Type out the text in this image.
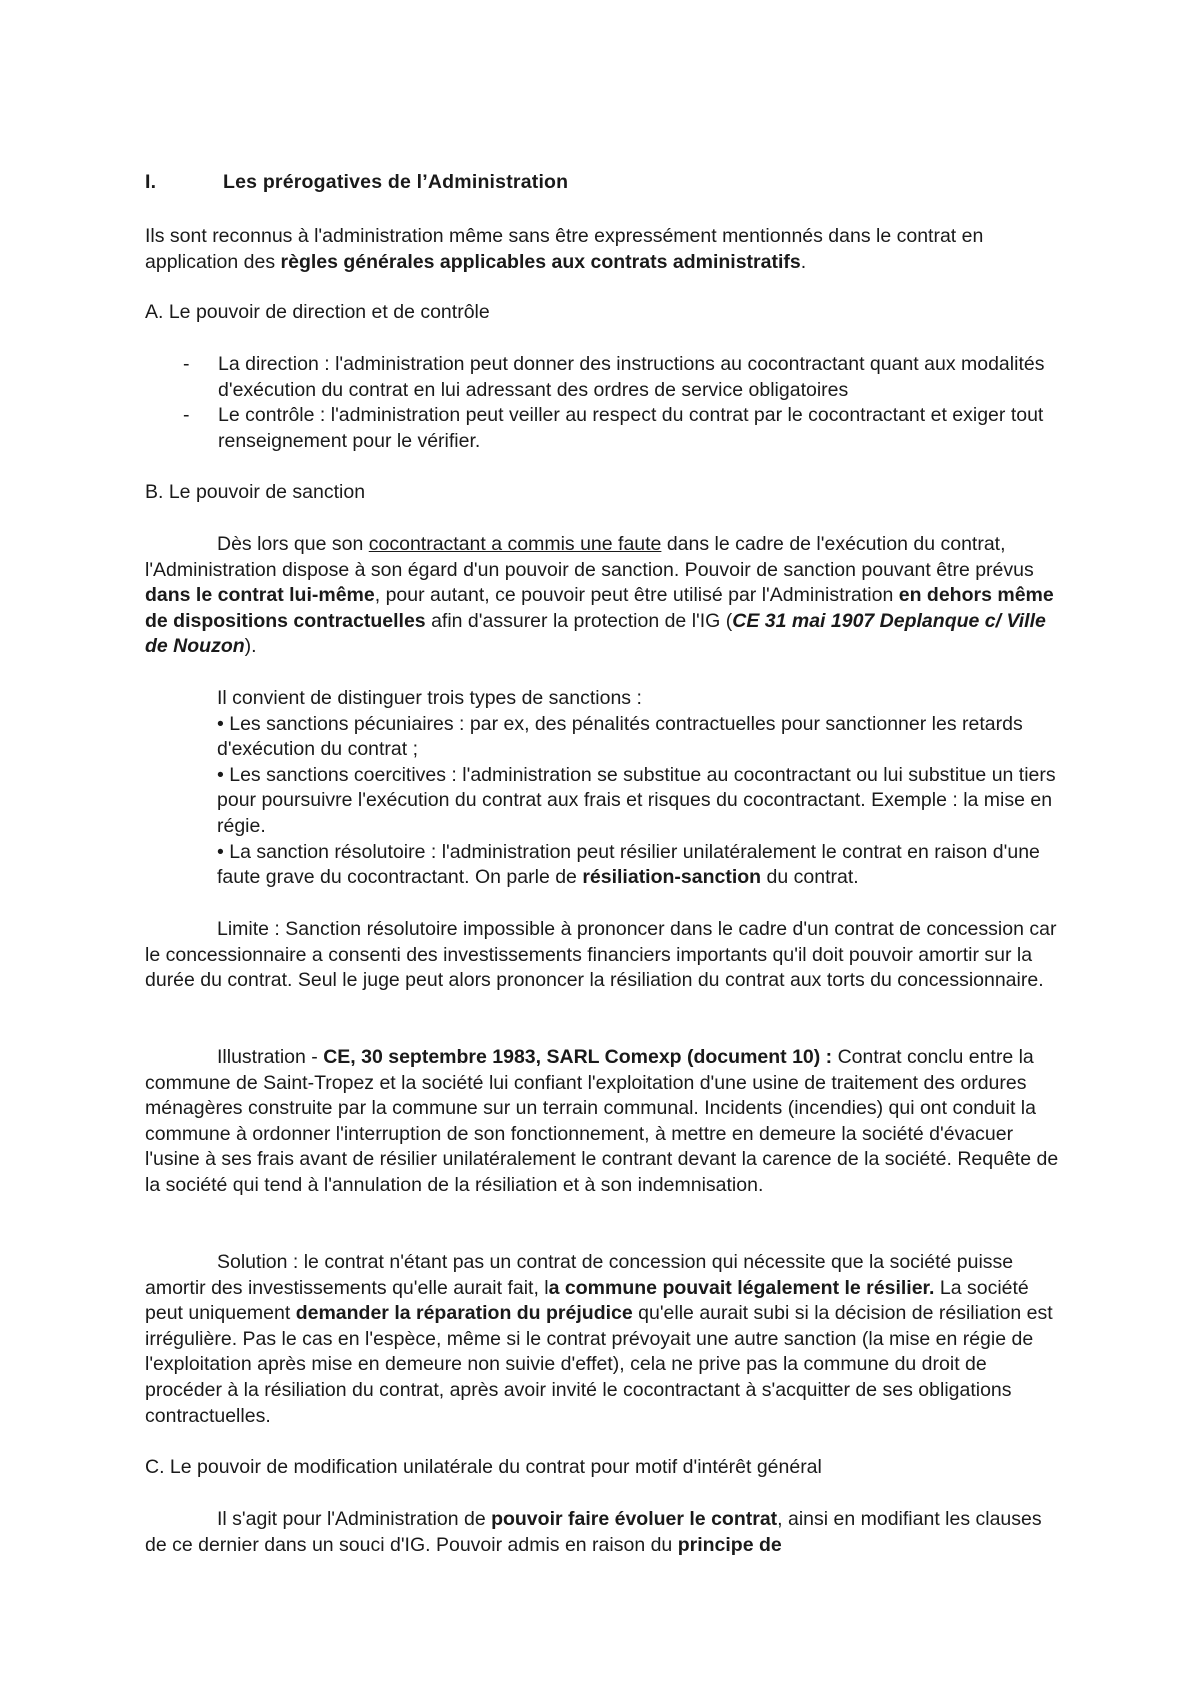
I.	Les prérogatives de l’Administration

Ils sont reconnus à l'administration même sans être expressément mentionnés dans le contrat en application des règles générales applicables aux contrats administratifs.

A. Le pouvoir de direction et de contrôle

- La direction : l'administration peut donner des instructions au cocontractant quant aux modalités d'exécution du contrat en lui adressant des ordres de service obligatoires
- Le contrôle : l'administration peut veiller au respect du contrat par le cocontractant et exiger tout renseignement pour le vérifier.

B. Le pouvoir de sanction

Dès lors que son cocontractant a commis une faute dans le cadre de l'exécution du contrat, l'Administration dispose à son égard d'un pouvoir de sanction. Pouvoir de sanction pouvant être prévus dans le contrat lui-même, pour autant, ce pouvoir peut être utilisé par l'Administration en dehors même de dispositions contractuelles afin d'assurer la protection de l'IG (CE 31 mai 1907 Deplanque c/ Ville de Nouzon).

Il convient de distinguer trois types de sanctions :
• Les sanctions pécuniaires : par ex, des pénalités contractuelles pour sanctionner les retards d'exécution du contrat ;
• Les sanctions coercitives : l'administration se substitue au cocontractant ou lui substitue un tiers pour poursuivre l'exécution du contrat aux frais et risques du cocontractant. Exemple : la mise en régie.
• La sanction résolutoire : l'administration peut résilier unilatéralement le contrat en raison d'une faute grave du cocontractant. On parle de résiliation-sanction du contrat.

Limite : Sanction résolutoire impossible à prononcer dans le cadre d'un contrat de concession car le concessionnaire a consenti des investissements financiers importants qu'il doit pouvoir amortir sur la durée du contrat. Seul le juge peut alors prononcer la résiliation du contrat aux torts du concessionnaire.

Illustration - CE, 30 septembre 1983, SARL Comexp (document 10) : Contrat conclu entre la commune de Saint-Tropez et la société lui confiant l'exploitation d'une usine de traitement des ordures ménagères construite par la commune sur un terrain communal. Incidents (incendies) qui ont conduit la commune à ordonner l'interruption de son fonctionnement, à mettre en demeure la société d'évacuer l'usine à ses frais avant de résilier unilatéralement le contrant devant la carence de la société. Requête de la société qui tend à l'annulation de la résiliation et à son indemnisation.

Solution : le contrat n'étant pas un contrat de concession qui nécessite que la société puisse amortir des investissements qu'elle aurait fait, la commune pouvait légalement le résilier. La société peut uniquement demander la réparation du préjudice qu'elle aurait subi si la décision de résiliation est irrégulière. Pas le cas en l'espèce, même si le contrat prévoyait une autre sanction (la mise en régie de l'exploitation après mise en demeure non suivie d'effet), cela ne prive pas la commune du droit de procéder à la résiliation du contrat, après avoir invité le cocontractant à s'acquitter de ses obligations contractuelles.

C. Le pouvoir de modification unilatérale du contrat pour motif d'intérêt général

Il s'agit pour l'Administration de pouvoir faire évoluer le contrat, ainsi en modifiant les clauses de ce dernier dans un souci d'IG. Pouvoir admis en raison du principe de
